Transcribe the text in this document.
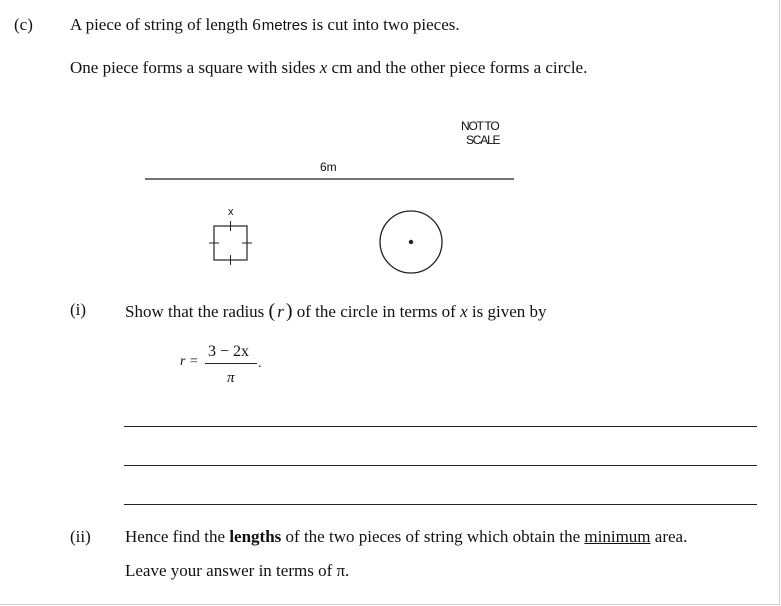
(c) A piece of string of length 6metres is cut into two pieces.
One piece forms a square with sides x cm and the other piece forms a circle.
NOT TO
SCALE
6m
x
(i) Show that the radius ( r ) of the circle in terms of x is given by
r =
3 − 2x
π
.
(ii) Hence find the lengths of the two pieces of string which obtain the minimum area.
Leave your answer in terms of π.
